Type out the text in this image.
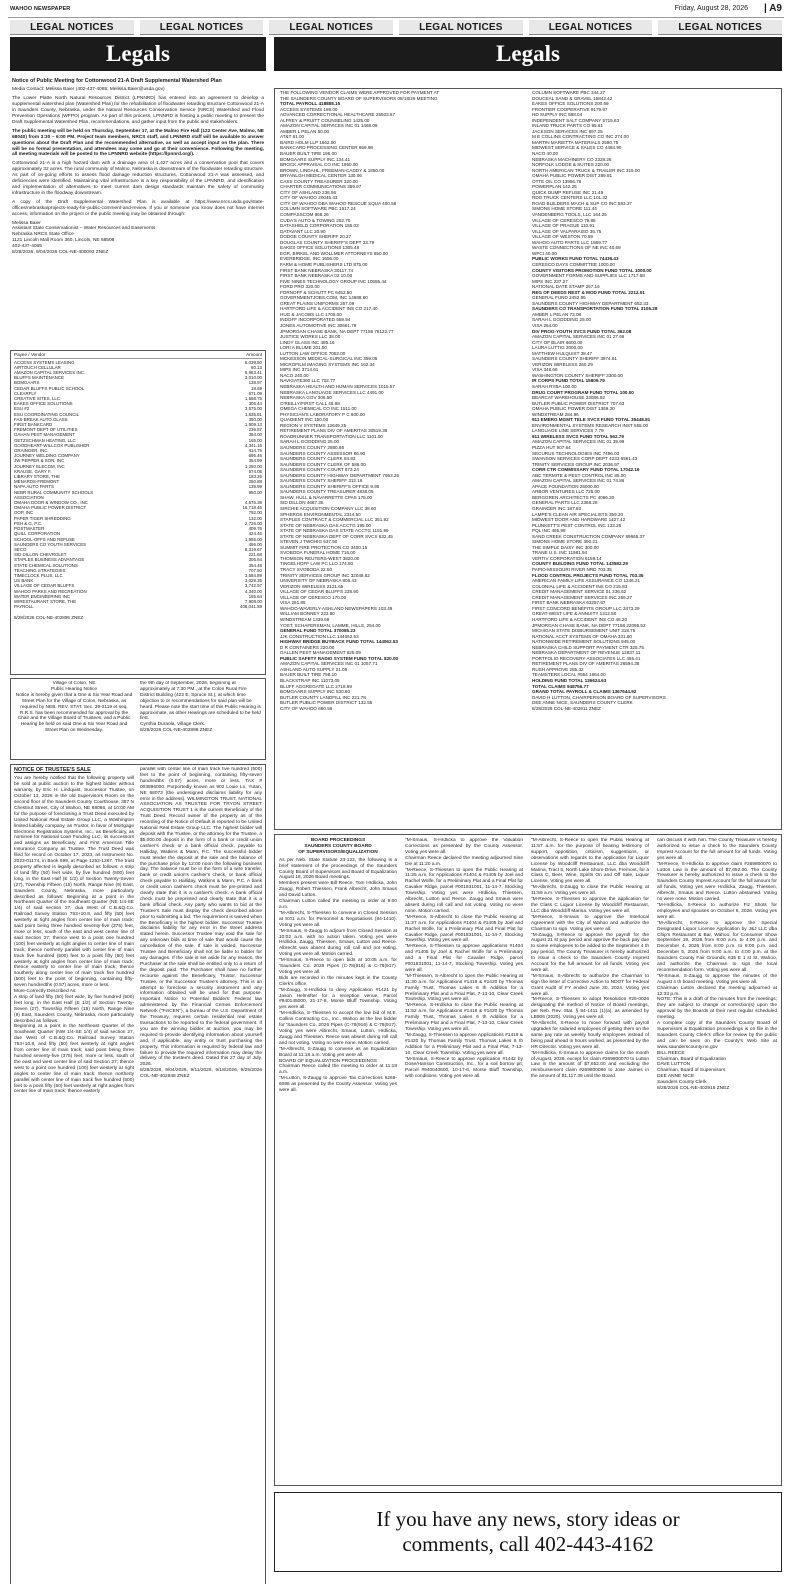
WAHOO NEWSPAPER	Friday, August 28, 2026 | A9
LEGAL NOTICES	LEGAL NOTICES	LEGAL NOTICES	LEGAL NOTICES	LEGAL NOTICES	LEGAL NOTICES
Legals	Legals
Notice of Public Meeting for Cottonwood 21-A Draft Supplemental Watershed Plan

Media Contact: Melissa Baier (402-437-4065; Melissa.Baier@usda.gov)

The Lower Platte North Natural Resources District (LPNNRD) has entered into an agreement to develop a supplemental watershed plan (Watershed Plan) for the rehabilitation of floodwater retarding structure Cottonwood 21-A in Saunders County, Nebraska, under the Natural Resources Conservation Service (NRCS) Watershed and Flood Prevention Operations (WFPO) program. As part of this process, LPNNRD is hosting a public meeting to present the Draft Supplemental Watershed Plan, recommendations, and gather input from the public and stakeholders.

The public meeting will be held on Thursday, September 17, at the Malmo Fire Hall (122 Center Ave, Malmo, NE 68040) from 3:30 – 6:00 PM. Project team members, NRCS staff, and LPNNRD staff will be available to answer questions about the Draft Plan and the recommended alternative, as well as accept input on the plan. There will be no formal presentation, and attendees may come and go at their convenience. Following the meeting, all meeting materials will be posted to the LPNNRD website (https://lpnnrd.org/).

Cottonwood 21-A is a high hazard dam with a drainage area of 1,427 acres and a conservation pool that covers approximately 32 acres. The rural community of Malmo, Nebraska is downstream of the floodwater retarding structure. As part of on-going efforts to assess flood damage reduction structures, Cottonwood 21-A was assessed, and deficiencies were identified. Maintaining vital infrastructure is a key responsibility of the LPNNRD, and identification and implementation of alternatives to meet current dam design standards maintain the safety of community infrastructure in the floodway downstream.

A copy of the Draft Supplemental Watershed Plan is available at https://www.nrcs.usda.gov/state-offices/nebraska/projects-ready-for-public-comment-and-review. If you or someone you know does not have internet access, information on the project or the public meeting may be obtained through:

Melissa Baier
Assistant State Conservationist – Water Resources and Easements
Nebraska NRCS State Office
1121 Lincoln Mall Room 360, Lincoln, NE 68508
402-437-4065
8/28/2026, 9/04/2026 COL-NE-400093 ZNEZ
Payee / Vendor	Amount
ACCESS SYSTEMS LEASING	6,039.50
AIRTOUCH CELLULAR	60.13
AMAZON CAPITAL SERVICES INC.	6,963.41
BLUFFS MAINTENANCE	3,010.00
BOMGAARS	138.97
CEDAR BLUFFS PUBLIC SCHOOL	18.69
CLEARFLY	571.09
CREATIVE SITES, LLC	1,568.75
EAKES OFFICE SOLUTIONS	305.44
ESU #2	3,575.00
ESU COORDINATING COUNCIL	1,635.81
FAS-BREAK AUTO GLASS	350.00
FIRST BANKCARD	1,909.13
FREMONT DEPT OF UTILITIES	236.87
GAHAN PEST MANAGEMENT	364.00
GETZSCHMAN HEATING, LLC	165.00
GOODHEART-WILLCOX PUBLISHER	4,341.16
GRAINGER, INC.	414.75
JOURNEY WELDING COMPANY	695.46
JW PEPPER & SON, INC	364.99
JOURNEY ELECOM, INC	1,250.00
KRAUSE, GARY F.	574.05
LIBRARY STORE, THE	183.26
MENARDS-FREMONT	250.88
NAPA AUTO PARTS	139.99
NEBR RURAL COMMUNITY SCHOOLS	950.00
ASSOCIATION
OMAHA DOOR & WINDOW CO., INC	4,676.38
OMAHA PUBLIC POWER DISTRICT	16,718.46
OOP, INC	792.00
PAPER TIGER SHREDDING	132.00
PSH & G, P.C.	2,726.00
POSTMASTER	409.76
QUILL CORPORATION	424.46
SCHOOL-OFFS AND REFUSE	1,956.00
SAUNDERS CO YOUTH SERVICES	456.00
SECO	8,319.67
SID DILLON CHEVROLET	221.68
STAPLES BUSINESS ADVANTAGE	306.64
STATE CHEMICAL SOLUTIONS	354.48
TEACHING STRATEGIES	707.50
TIMECLOCK PLUS, LLC	3,584.89
US BANK	3,029.35
VILLAGE OF CEDAR BLUFFS	3,742.57
WAHOO PARKS AND RECREATION	4,340.00
WATER ENGINEERING INC	165.64
WIRESTAURANT STORE, THE	7,908.00
PAYROLL	408,041.59
8/28/2026 COL-NE-402895 ZNEZ
Village of Colon, NE
Public Hearing Notice
Notice is hereby given that a One & Six Year Road and Street Plan for the Village of Colon, Nebraska, as required by NEB. REV. STAT. Sec. 39-2119 et seq. R.R.S. has been recommended for approval by the Chair and the Village Board of Trustees, and a Public Hearing be held on said One & Six Year Road and Street Plan on Wednesday,
the 9th day of September, 2026, beginning at approximately at 7:30 PM., at the Colon Rural Fire District Building (422 E. Spruce St.), at which time objection to or recommendations for said plan will be heard. Please note the start time of this Public Hearing is approximate, as other Hearings are scheduled to be held first.
Cynthia Duraola, Village Clerk.
8/28/2026 COL-NE-402898 ZNEZ
NOTICE OF TRUSTEE'S SALE
You are hereby notified that the following property will be sold at public auction to the highest bidder without warranty, by Eric H. Lindquist, Successor Trustee, on October 13, 2026 in the old Supervisors Room on the second floor of the Saunders County Courthouse, 387 N Chestnut Street, City of Wahoo, NE 68066, at 10:00 AM for the purpose of foreclosing a Trust Deed executed by United National Real Estate Group LLC, a Washington limited liability company, as Trustor, in favor of Mortgage Electronic Registration Systems, Inc., as Beneficiary, as nominee for National Loan Funding LLC, its successors and assigns as Beneficiary, and First American Title Insurance Company as Trustee. The Trust Deed was filed for record on October 17, 2023, as Instrument No. 2023-01174, in Book 599, at Page 1252-1267. The trust property affected is legally described as follows: A strip of land fifty (50) feet wide, by five hundred (500) feet long, in the East Half (E 1/2) of Section Twenty-Seven (27), Township Fifteen (15) North, Range Nine (9) East, Saunders County, Nebraska, more particularly described as follows: Beginning at a point in the Northeast Quarter of the Southeast Quarter (NE 1/4-SE 1/4) of said section 27, dua West of C.B.&Q.Co. Railroad Survey Station 753+10.8, and fifty (50) feet westerly at right angles from center line of main track; said point being three hundred seventy-five (375) feet, more or less, south of the east and west center line of said Section 27; thence west to a point one hundred (100) feet westerly at right angles to center line of main track; thence northerly parallel with center line of main track five hundred (500) feet to a point fifty (50) feet westerly at right angles from center line of main track; thence easterly to center line of main track; thence southerly along center line of main track five hundred (500) feet to the point of beginning, containing fifty-seven hundredths (0.57) acres, more or less.
More-Correctly Described As:
A strip of land fifty (50) feet wide, by five hundred (500) feet long, in the East Half (E 1/2) of Section Twenty-Seven (27), Township Fifteen (15) North, Range Nine (9) East, Saunders County, Nebraska, more particularly described as follows:
Beginning at a point in the Northeast Quarter of the Southeast Quarter (NW 1/4-SE 1/4) of said section 27, due West of C.B.&Q.Co. Railroad Survey Station 753+10.8, and fifty (50) feet westerly at right angles from center line of main track; said point being three hundred seventy-five (375) feet, more or less, south of the east and west center line of said Section 27; thence west to a point one hundred (100) feet westerly at right angles to center line of main track; thence northerly parallel with center line of main track five hundred (500) feet to a point fifty (50) feet westerly at right angles from center line of main track; thence easterly
parallel with center line of main track five hundred (500) feet to the point of beginning, containing fifty-seven hundredths (0.57) acres, more or less. TAX # 003896000. Purportedly known as 902 Louie Ln, Yutan, NE 68073 (the undersigned disclaims liability for any error in the address). WILMINGTON TRUST, NATIONAL ASSOCIATION AS TRUSTEE FOR TRYON STREET ACQUISITION TRUST 1 is the current Beneficiary of the Trust Deed. Record owner of the property as of the recording of the Notice of Default is reported to be United National Real Estate Group LLC. The highest bidder will deposit with the Trustee, or the attorney for the Trustee, a $5,000.00 deposit in the form of a bank or credit union cashier's check or a bank official check, payable to Halliday, Watkins & Mann, P.C. The successful bidder must tender the deposit at the sale and the balance of the purchase price by 12:00 noon the following business day. The balance must be in the form of a wire transfer, bank or credit union's cashier's check, or bank official check payable to Halliday, Watkins & Mann, P.C. A bank or credit union cashier's check must be pre-printed and clearly state that it is a cashier's check. A bank official check must be preprinted and clearly state that it is a bank official check. Any party who wants to bid at the Trustee's Sale must display the check described above prior to submitting a bid. The requirement is waived when the Beneficiary is the highest bidder. Successor Trustee disclaims liability for any error in the street address stated herein. Successor Trustee may void the sale for any unknown bids at time of sale that would cause the cancellation of the sale. If sale is voided, Successor Trustee and Beneficiary shall not be liable to bidder for any damages. If the sale is set aside for any reason, the Purchaser at the sale shall be entitled only to a return of the deposit paid. The Purchaser shall have no further recourse against the Beneficiary, Trustor, Successor Trustee, or the Successor Trustee's attorney. This is an attempt to foreclose a security instrument and any information obtained will be used for that purpose. Important Notice to Potential Bidders: Federal law administered by the Financial Crimes Enforcement Network ("FinCEN"), a bureau of the U.S. Department of the Treasury, requires certain residential real estate transactions to be reported to the federal government. If you are the winning bidder at auction, you may be required to provide identifying information about yourself and, if applicable, any entity or trust purchasing the property. This information is required by federal law and failure to provide the required information may delay the delivery of the trustee's deed. Dated this 27 day of July, 2026.
8/28/2026, 9/04/2026, 9/11/2026, 9/18/2026, 9/25/2026 COL-NE-402848 ZNEZ
THE FOLLOWING VENDOR CLAIMS WERE APPROVED FOR PAYMENT AT
THE SAUNDERS COUNTY BOARD OF SUPERVISORS 08/18/26 MEETING
TOTAL PAYROLL 418888.15
ACCESS SYSTEMS 189.00
ADVANCED CORRECTIONAL HEALTHCARE 25933.57
ALFREY & PRUITT COUNSELING 1425.00
AMAZON CAPITAL SERVICES INC 01 1468.09
AMBER L PELAN 50.00
AT&T 61.00
BAIRD HOLM LLP 1662.00
BANKCARD PROCESSING CENTER 669.98
BAUER BUILT TIRE 196.00
BOMGAARS SUPPLY INC 134.41
BROCK APPRAISAL CO INC 1950.00
BROWN, LINDAHL, FREEMAN-CADDY & 1850.00
BRYANLGH MEDICAL CENTER 130.06
CASS COUNTY TREASURER 320.00
CHARTER COMMUNICATIONS 359.97
CITY OF ASHLAND 236.56
CITY OF WAHOO 20045.43
CITY OF WAHOO DBA WAHOO RESCUE SQUA 400.58
COLUMN SOFTWARE PBC 1517.24
COMPASSCOM 868.26
CUDA'S AUTO & TOWING 252.70
DATASHIELD CORPORATION 155.03
DATAVANT LLC 20.90
DODGE COUNTY SHERIFF 20.27
DOUGLAS COUNTY SHERIFF'S DEPT 33.79
EAKES OFFICE SOLUTIONS 1305.48
EGR, BIRKEL AND WOLLMER ATTORNEYS 650.00
EVERBRIDGE, INC 1656.00
FARM & HOME PUBLISHERS LTD 875.00
FIRST BANK NEBRASKA 30117.74
FIRST BANK NEBRASKA 02 10.00
FIVE NINES TECHNOLOGY GROUP INC 10555.44
FORD PRO 320.00
FORNOFF & SCHUTT PC 6452.50
GOVERNMENTJOBS.COM, INC 14688.60
GREAT PLAINS UNIFORMS 267.09
HARTFORD LIFE & ACCIDENT INS CO 217.40
HUG & JACOBS LLC 1705.00
INDOFF INCORPORATED 559.94
JONES AUTOMOTIVE INC 30661.78
JPMORGAN CHASE BANK, NA DEPT 77158 78122.77
JUSTICE WORKS LLC 38.00
LINDY GLASS INC 485.16
LORI A BLUME 201.50
LUTTON LAW OFFICE 7052.00
MCKESSON MEDICAL-SURGICAL INC 359.05
MICROFILM IMAGING SYSTEMS INC 162.34
MIPS INC 3714.61
NACO 240.00
NAVIGATE360 LLC 702.77
NEBRASKA HEALTH AND HUMAN SERVICES 1015.57
NEBRASKA LANGUAGE SERVICES LLC 4491.00
NEBRASKA.GOV 306.50
O'REILLY/FIRST CALL 45.98
OMEGA CHEMICAL CO INC 1511.00
PHYSICIAN'S LABORATORY P C 600.00
QUADIENT INC 150.00
REGION V SYSTEMS 12649.25
RETIREMENT PLANS DIV OF AMERITAS 30519.36
ROADRUNNER TRANSPORTATION LLC 1101.00
SARAH L GOODDING 25.00
SAUNDERS COUNTY 2880.86
SAUNDERS COUNTY ASSESSOR 86.90
SAUNDERS COUNTY CLERK 84.83
SAUNDERS COUNTY CLERK OF 586.00
SAUNDERS COUNTY COURT 873.24
SAUNDERS COUNTY HIGHWAY DEPARTMENT 7953.26
SAUNDERS COUNTY SHERIFF 312.16
SAUNDERS COUNTY SHERIFF'S OFFICE 9.95
SAUNDERS COUNTY TREASURER 4838.05
SHAW, HULL & NAVARRETTE CPAS 175.00
SID DILLON 4687.35
SIRCHIE ACQUISITION COMPANY LLC 38.60
SPHEROS ENVIRONMENTAL 2314.50
STAPLES CONTRACT & COMMERCIAL LLC 351.92
STATE OF NEBRASKA DAS ACCTG 195.00
STATE OF NEBRASKA DAS STATE ACCTG 1151.99
STATE OF NEBRASKA DEPT OF CORR SVCS 632.45
STEVEN J TWOHIG 537.50
SUMMIT FIRE PROTECTION CO 3400.15
SVOBODA FUNERAL HOME 716.00
THOMSON REUTERS-WEST 3820.00
TINGELHOFF LAW PC LLO 174.50
TRACY SVOBODA 22.50
TRINITY SERVICES GROUP INC 32048.62
UNIVERSITY OF NEBRASKA 806.43
VERIZON WIRELESS 2121.65
VILLAGE OF CEDAR BLUFFS 238.90
VILLAGE OF CERESCO 170.00
VISA 261.85
WAHOO-WAVERLY-ASHLAND NEWSPAPERS 103.49
WILLIAM BONNEY 223.80
WINDSTREAM 1339.69
YOST, SCHAFERSMAN, LAMME, HILLS, 254.00
GENERAL FUND TOTAL 370085.23
JJK CONSTRUCTION LLC 144062.53
HIGHWAY BRIDGE BUYBACK FUND TOTAL 144062.53
D R CONTAINERS 220.00
GALLEN PEST MANAGEMENT 625.09
PUBLIC SAFETY RADIO SYSTEM FUND TOTAL 820.00
AMAZON CAPITAL SERVICES INC 01 1057.71
ASHLAND AUTO SUPPLY 21.09
BAUER BUILT TIRE 758.10
BLACKSTRAP INC 11073.05
BLUFF AGGREGATE LLC 2718.69
BOMGAARS SUPPLY INC 530.60
BUTLER COUNTY LANDFILL INC 221.78
BUTLER PUBLIC POWER DISTRICT 132.55
CITY OF WAHOO 660.56
COLUMN SOFTWARE PBC 344.27
DOUCEAL SAND & GRAVEL 15842.42
EAKES OFFICE SOLUTIONS 200.69
FRONTIER COOPERATIVE 9179.97
HD SUPPLY INC 688.04
INDEPENDENT SALT COMPANY 5715.63
INLAND TRUCK PARTS CO 95.61
JACKSON SERVICES INC 697.25
M E COLLINS CONTRACTING CO INC 274.00
MARTIN MARIETTA MATERIALS 2590.75
MIDWEST SERVICE & SALES CO 4484.90
NACO 40.00
NEBRASKA MACHINERY CO 2328.26
NORFOLK LODGE & SUITES 220.00
NORTH AMERICAN TRUCK & TRAILER INC 315.00
OMAHA PUBLIC POWER DIST 289.81
OTTE OIL CO 13956.76
POWERPLAN 142.25
QUICK DUMP REFUSE INC 31.49
RDO TRUCK CENTERS LLC 101.32
ROAD BUILDERS MACH & SUP CO INC 593.37
SIMONS HOME STORE 111.44
VANDENBERG TOOLS, LLC 164.25
VILLAGE OF CERESCO 79.85
VILLAGE OF PRAGUE 110.91
VILLAGE OF VALPARAISO 36.75
VILLAGE OF WESTON 70.59
WAHOO AUTO PARTS LLC 1869.77
WASTE CONNECTIONS OF NE INC 40.69
WPCI 40.00
PUBLIC WORKS FUND TOTAL 74436.43
CERESCO DAYS COMMITTEE 1000.00
COUNTY VISITORS PROMOTION FUND TOTAL 1000.00
GOVERNMENT FORMS AND SUPPLIES LLC 1717.58
MIPS INC 237.27
NATIONAL DATE STAMP 257.16
REG OF DEEDS REST & MOD FUND TOTAL 2212.01
GENERAL FUND 2452.95
SAUNDERS COUNTY HIGHWAY DEPARTMENT 652.33
SAUNDERS CO TRANSPORTATION FUND TOTAL 3105.28
AMBER L PELAN 73.08
SARAH L GOODDING 25.00
VISA 264.00
DIV PROG-YOUTH SVCS FUND TOTAL 362.08
AMAZON CAPITAL SERVICES INC 01 27.66
CITY OF BLAIR 6600.00
LAURA LUTTIG 2000.00
MATTHEW HULQUIST 38.47
SAUNDERS COUNTY SHERIFF 3974.61
VERIZON WIRELESS 260.29
VISA 348.66
WASHINGTON COUNTY SHERIFF 3300.00
IR CORPS FUND TOTAL 15809.79
SARAH RYBA 100.00
DRUG COURT PROGRAM FUND TOTAL 100.00
BEARCAT WAREHOUSE 33086.92
BUTLER PUBLIC POWER DISTRICT 707.63
OMAHA PUBLIC POWER DIST 1369.30
WINDSTREAM 284.96
911 EMERG MGMT TELE SVCS FUND TOTAL 35448.81
ENVIRONMENTAL SYSTEMS RESEARCH INST 555.00
LANGUAGE LINE SERVICES 7.79
911 WIRELESS SVCS FUND TOTAL 562.79
AMAZON CAPITAL SERVICES INC 01 39.99
PIZZA HUT 907.64
SECURUS TECHNOLOGIES INC 7496.03
SWANSON SERVICES CORP DEPT 4233 6561.43
TRINITY SERVICES GROUP INC 2036.97
CORR CTR COMMISSARY FUND TOTAL 17042.16
ABC TERMITE & PEST CONTROL INC 85.00
AMAZON CAPITAL SERVICES INC 01 74.86
APACE FOUNDATION 25000.00
ARBOR VENTURES LLC 725.00
BERGGREN ARCHITECTS PC 4066.20
GENERAL PARTS LLC 2368.28
GRAINGER INC 187.93
LAMPE'S CLEAN AIR SPECIALISTS 359.20
MIDWEST DOOR AND HARDWARE 1427.42
PLUNKETT'S PEST CONTROL INC 133.26
PQL INC 465.98
SAND CREEK CONSTRUCTION COMPANY 89665.37
SIMONS HOME STORE 390.21
THE SIMPLE DAISY INC 300.00
TRANE U.S. INC 11981.94
VERTIV CORPORATION 6159.14
COUNTY BUILDING FUND TOTAL 143582.29
PAPIO-MISSOURI RIVER NRD 703.35
FLOOD CONTROL PROJECTS FUND TOTAL 703.35
AMERICAN FAMILY LIFE ASSURANCE CO 1246.21
COLONIAL LIFE & ACCIDENT INS CO 215.83
CREDIT MANAGEMENT SERVICE 01 236.62
CREDIT MANAGEMENT SERVICES INC 266.27
FIRST BANK NEBRASKA 63257.67
FIRST CONCORD BENEFITS GROUP LLC 3473.29
GREAT-WEST LIFE & ANNUITY 1312.50
HARTFORD LIFE & ACCIDENT INS CO 46.20
JPMORGAN CHASE BANK, NA DEPT 77158 22095.52
MICHIGAN STATE DISBURSEMENT UNIT 318.75
NATIONAL ACCT SYSTEMS OF OMAHA 331.80
NATIONWIDE RETIREMENT SOLUTIONS 945.00
NEBRASKA CHILD SUPPORT PAYMENT CTR 325.75
NEBRASKA DEPARTMENT OF REVENUE 12837.11
PORTFOLIO RECOVERY ASSOCIATES LLC 455.41
RETIREMENT PLANS DIV OF AMERITAS 26594.38
RUSH APPROVE 285.32
TEAMSTERS LOCAL #554 1664.00
HOLDING FUND TOTAL 136624.63
TOTAL CLAIMS 948756.77
GRAND TOTAL PAYROLL & CLAIMS 1367644.92
DAVID H LUTTON, CHAIRPERSON BOARD OF SUPERVISORS
DEE ANNE NICE, SAUNDERS COUNTY CLERK
8/28/2026 COL-NE-402911 ZNEZ
BOARD PROCEEDINGS
SAUNDERS COUNTY BOARD
OF SUPERVISORS/EQUALIZATION
As per Neb. State Statute 23-122, the following is a brief statement of the proceedings of the Saunders County Board of Supervisors and Board of Equalization August 18, 2026 Board meetings.
Members present were Bill Reece, Tom Hrdlicka, John Zaugg, Robert Thiessen, Frank Albrecht, John Smaus and David Lutton.
Chairman Lutton called the meeting to order at 9:00 a.m.
"M-Albrecht, S-Thiessen to convene in Closed Session at 9:01 a.m. for Personnel & Negotiations (84-1410). Voting yes were all.
"M-Smaus, S-Zaugg to adjourn from Closed Session at 10:02 a.m. with no action taken. Voting yes were Hrdlicka, Zaugg, Thiessen, Smaus, Lutton and Reece. Albrecht was absent during roll call and not voting. Voting yes were all. Motion carried.
"M-Smaus, S-Reece to open bids at 10:05 a.m. for 'Saunders Co. 2026 Pipes (C-78(916) & C-78(917). Voting yes were all.
Bids are recorded in the minutes kept in the County Clerk's office.
"M-Zaugg, S-Hrdlicka to deny Application #1421 by Jason Helmsfter for a reception venue, Parcel #940145000, 21-17-8, Morse Bluff Township. Voting yes were all.
"M-Hrdlicka, S-Thiessen to accept the low bid of M.E. Collins Contracting Co., Inc., Wahoo as the low bidder for 'Saunders Co. 2026 Pipes (C-78(916) & C-78(917). Voting yes were Albrecht, Smaus, Lutton, Hrdlicka, Zaugg and Thiessen. Reece was absent during roll call and not voting. Voting no were none. Motion carried.
"M-Albrecht, S-Zaugg to convene as an Equalization Board at 11:18 a.m. Voting yes were all.
BOARD OF EQUALIZATION PROCEEDINGS
Chairman Reece called the meeting to order at 11:18 a.m.
"M-Lutton, S-Zaugg to approve Tax Corrections 6266-6086 as presented by the County Assessor. Voting yes were all.
"M-Smaus, S-Hrdlicka to approve the Valuation Corrections as presented by the County Assessor. Voting yes were all.
Chairman Reece declared the meeting adjourned Sine Die at 11:20 a.m.
"M-Reece, S-Thiessen to open the Public Hearing at 11:25 a.m. for Applications #1404 & #1405 by Joel and Rachel Wolfe, for a Preliminary Plat and a Final Plat for Cavalier Ridge, parcel #001831001, 11-14-7, Stocking Township. Voting yes were Hrdlicka, Thiessen, Albrecht, Lutton and Reece. Zaugg and Smaus were absent during roll call and not voting. Voting no were none. Motion carried.
"M-Reece, S-Albrecht to close the Public Hearing at 11:27 a.m. for Applications #1404 & #1405 by Joel and Rachel Wolfe, for a Preliminary Plat and Final Plat for Cavalier Ridge, parcel #001831001, 11-14-7, Stocking Township. Voting yes were all.
"M-Reece, S-Thiessen to approve applications #1404 and #1405 by Joel & Rachel Wolfe for a Preliminary and a Final Plat for Cavalier Ridge, parcel #001831001, 11-14-7, Stocking Township. Voting yes were all.
"M-Thiessen, S-Albrecht to open the Public Hearing at 11:30 a.m. for Applications #1419 & #1420 by Thomas Family Trust, Thomas Lakes 6 th Addition for a Preliminary Plat and a Final Plat, 7-13-10, Clear Creek Township. Voting yes were all.
"M-Reece, S-Hrdlicka to close the Public Hearing at 11:52 a.m. for Applications #1419 & #1420 by Thomas Family Trust, Thomas Lakes 6 th Addition for a Preliminary Plat and a Final Plat, 7-13-10, Clear Creek Township. Voting yes were all.
"M-Zaugg, S-Thiessen to approve Applications #1419 & #1420 by Thomas Family Trust, Thomas Lakes 6 th Addition for a Preliminary Plat and a Final Plat, 7-13-10, Clear Creek Township. Voting yes were all.
"M-Smaus, S-Reece to approve Application #1442 by Dose/Hanson Construction, Inc., for a soil borrow pit, Parcel #940040600, 10-17-6, Morse Bluff Township, with conditions. Voting yes were all.
"M-Albrecht, S-Reece to open the Public Hearing at 11:57 a.m. for the purpose of hearing testimony of support, opposition, criticism, suggestions, or observations with regards to the application for Liquor License by Woodcliff Restaurant, LLC dba Woodcliff Marina, Tract 5, North Lake Shore Drive, Fremont, for a Class C, Beer, Wine, Spirits On and Off Sale, Liquor License. Voting yes were all.
"M-Albrecht, S-Zaugg to close the Public Hearing at 11:59 a.m. Voting yes were all.
"M-Reece, S-Thiessen to approve the application for the Class C Liquor License by Woodcliff Restaurant, LLC dba Woodcliff Marina. Voting yes were all.
"M-Reece, S-Smaus to approve the Interlocal Agreement with the City of Wahoo and authorize the Chairman to sign. Voting yes were all.
"M-Zaugg, S-Reece to approve the payroll for the August 21 st pay period and approve the back pay due to some employees to be added to the September 4 th pay period. The County Treasurer is hereby authorized to issue a check to the Saunders County Imprest Account for the full amount for all funds. Voting yes were all.
"M-Smaus, S-Albrecht to authorize the Chairman to sign the letter of Corrective Action to NDOT for Federal Grant Audit of FY ended June 30, 2024. Voting yes were all.
"M-Reece, S-Thiessen to adopt Resolution #26-0026 designating the method of Notice of Board meetings, per Neb. Rev. Stat. § 84-1411 (1)(a), as amended by LB906 (2020). Voting yes were all.
"M-Albrecht, S-Reece to move forward with payroll upgrades for salaried employees of getting them on the same pay rate as weekly hourly employees instead of being paid ahead in hours worked, as presented by the HR Director. Voting yes were all.
"M-Hrdlicka, S-Smaus to approve claims for the month of August, 2026, except for claim #269800070 to Lutton Law in the amount of $7,652.00 and excluding the reimbursement claim #269800086 to Jose Jaimes in the amount of $1,117.39 until the Board
can discuss it with him. The County Treasurer is hereby authorized to issue a check to the Saunders County Imprest Account for the full amount for all funds. Voting yes were all.
"M-Reece, S-Hrdlicka to approve claim #269800070 to Lutton Law in the amount of $7,652.00. The County Treasurer is hereby authorized to issue a check to the Saunders County Imprest Account for the full amount for all funds. Voting yes were Hrdlicka, Zaugg, Thiessen, Albrecht, Smaus and Reece. Lutton abstained. Voting no were none. Motion carried.
"M-Hrdlicka, S-Reece to authorize Fiz Shots for employees and spouses on October 6, 2026. Voting yes were all.
"M-Albrecht, S-Reece to approve the Special Designated Liquor License Application by J&J LLC dba Chip's Restaurant & Bar, Wahoo, for Consumer Show September 19, 2026 from 9:00 a.m. to 4:00 p.m. and December 4, 2026 from 6:00 p.m. to 8:00 p.m. and December 5, 2026 from 9:00 a.m. to 4:00 p.m. at the Saunders County Fair Grounds, 635 E 1 st St, Wahoo, and authorize the Chairman to sign the local recommendation form. Voting yes were all.
"M-Smaus, S-Zaugg to approve the minutes of the August 4 th board meeting. Voting yes were all.
Chairman Lutton declared the meeting adjourned at 12:33 p.m.
NOTE: This is a draft of the minutes from the meetings; they are subject to change or correction(s) upon the approval by the Boards at their next regular scheduled meeting.
A complete copy of the Saunders County Board of Supervisors & Equalization proceedings is on file in the Saunders County Clerk's office for review by the public and can be seen on the County's Web Site at www.saunderscounty.ne.gov
BILL REECE
Chairman, Board of Equalization
DAVE LUTTON
Chairman, Board of Supervisors
DEE ANNE NICE
Saunders County Clerk
8/28/2026 COL-NE-402916 ZNEZ
If you have any news, story ideas or
comments, call 402-443-4162
